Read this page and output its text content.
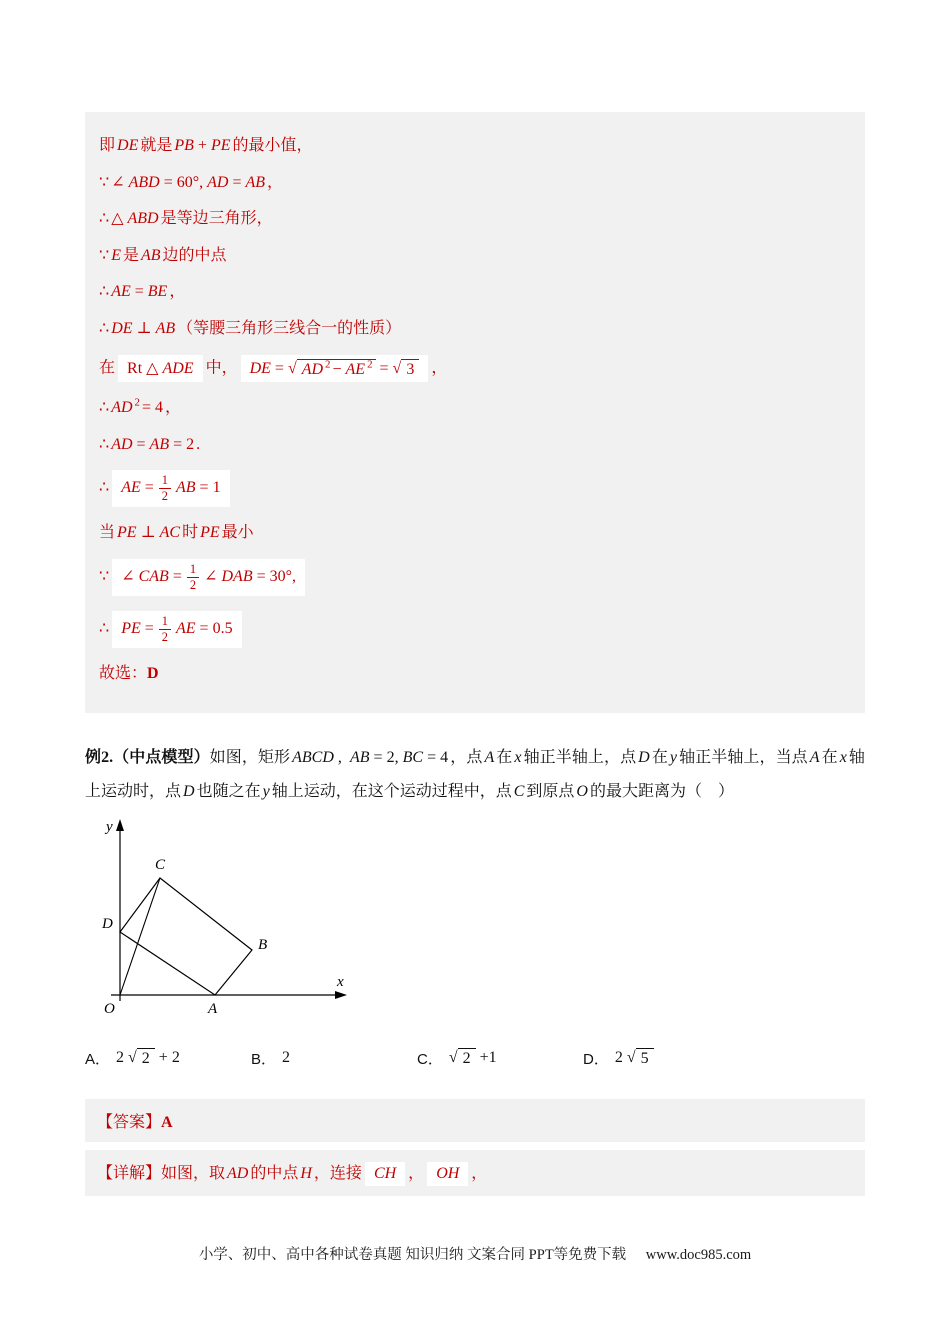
即 DE 就是 PB + PE 的最小值，
∵ ∠ ABD = 60°, AD = AB ，
∴ △ ABD 是等边三角形，
∵ E 是 AB 边的中点
∴ AE = BE ，
∴ DE ⊥ AB （等腰三角形三线合一的性质）
在 Rt △ ADE 中， DE = √ AD $^2$ − AE $^2$ = √ 3	，
∴ AD $^2$ = 4 ，
∴ AD = AB = 2 .
∴ AE = $\frac{1}{2}$ AB = 1
当 PE ⊥ AC 时 PE 最小
∵ ∠ CAB = $\frac{1}{2}$ ∠ DAB = 30°,
∴ PE = $\frac{1}{2}$ AE = 0.5
故选：D

例2.（中点模型）如图，矩形 ABCD , AB = 2, BC = 4 ，点 A 在 x 轴正半轴上，点 D 在 y 轴正半轴上，当点 A 在 x 轴上运动时，点 D 也随之在 y 轴上运动，在这个运动过程中，点 C 到原点 O 的最大距离为（　）

y
x
O
C
D
B
A
A． 2 √ 2 + 2	B． 2	C． √ 2 +1	D． 2 √ 5
【答案】A
【详解】如图，取 AD 的中点 H ，连接 CH ， OH ，
小学、初中、高中各种试卷真题 知识归纳 文案合同 PPT等免费下载 www.doc985.com
